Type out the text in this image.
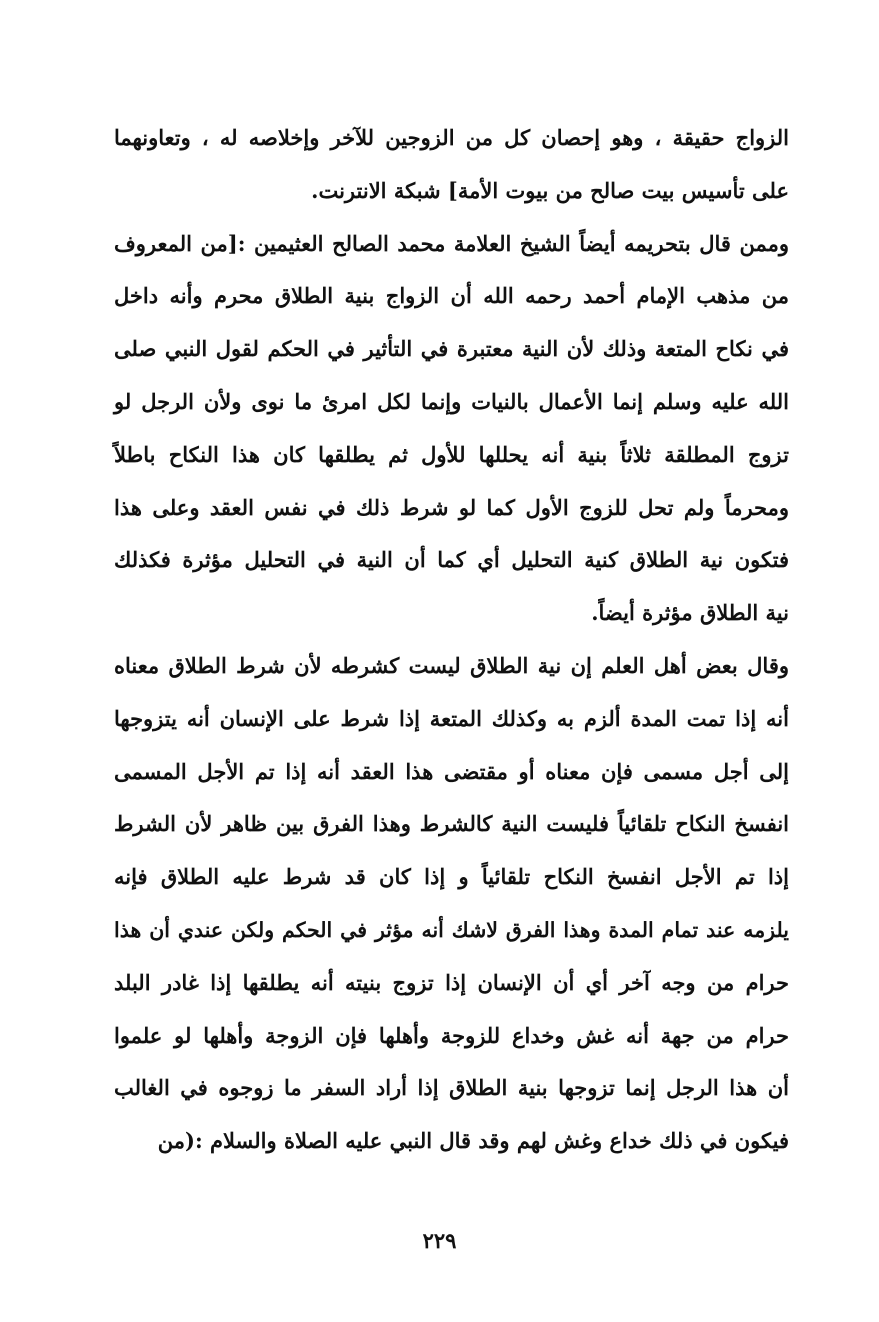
الزواج حقيقة ، وهو إحصان كل من الزوجين للآخر وإخلاصه له ، وتعاونهما
على تأسيس بيت صالح من بيوت الأمة] شبكة الانترنت.
وممن قال بتحريمه أيضاً الشيخ العلامة محمد الصالح العثيمين :[من المعروف
من مذهب الإمام أحمد رحمه الله أن الزواج بنية الطلاق محرم وأنه داخل
في نكاح المتعة وذلك لأن النية معتبرة في التأثير في الحكم لقول النبي صلى
الله عليه وسلم إنما الأعمال بالنيات وإنما لكل امرئ ما نوى ولأن الرجل لو
تزوج المطلقة ثلاثاً بنية أنه يحللها للأول ثم يطلقها كان هذا النكاح باطلاً
ومحرماً ولم تحل للزوج الأول كما لو شرط ذلك في نفس العقد وعلى هذا
فتكون نية الطلاق كنية التحليل أي كما أن النية في التحليل مؤثرة فكذلك
نية الطلاق مؤثرة أيضاً.
وقال بعض أهل العلم إن نية الطلاق ليست كشرطه لأن شرط الطلاق معناه
أنه إذا تمت المدة ألزم به وكذلك المتعة إذا شرط على الإنسان أنه يتزوجها
إلى أجل مسمى فإن معناه أو مقتضى هذا العقد أنه إذا تم الأجل المسمى
انفسخ النكاح تلقائياً فليست النية كالشرط وهذا الفرق بين ظاهر لأن الشرط
إذا تم الأجل انفسخ النكاح تلقائياً و إذا كان قد شرط عليه الطلاق فإنه
يلزمه عند تمام المدة وهذا الفرق لاشك أنه مؤثر في الحكم ولكن عندي أن هذا
حرام من وجه آخر أي أن الإنسان إذا تزوج بنيته أنه يطلقها إذا غادر البلد
حرام من جهة أنه غش وخداع للزوجة وأهلها فإن الزوجة وأهلها لو علموا
أن هذا الرجل إنما تزوجها بنية الطلاق إذا أراد السفر ما زوجوه في الغالب
فيكون في ذلك خداع وغش لهم وقد قال النبي عليه الصلاة والسلام :(من
٢٢٩
